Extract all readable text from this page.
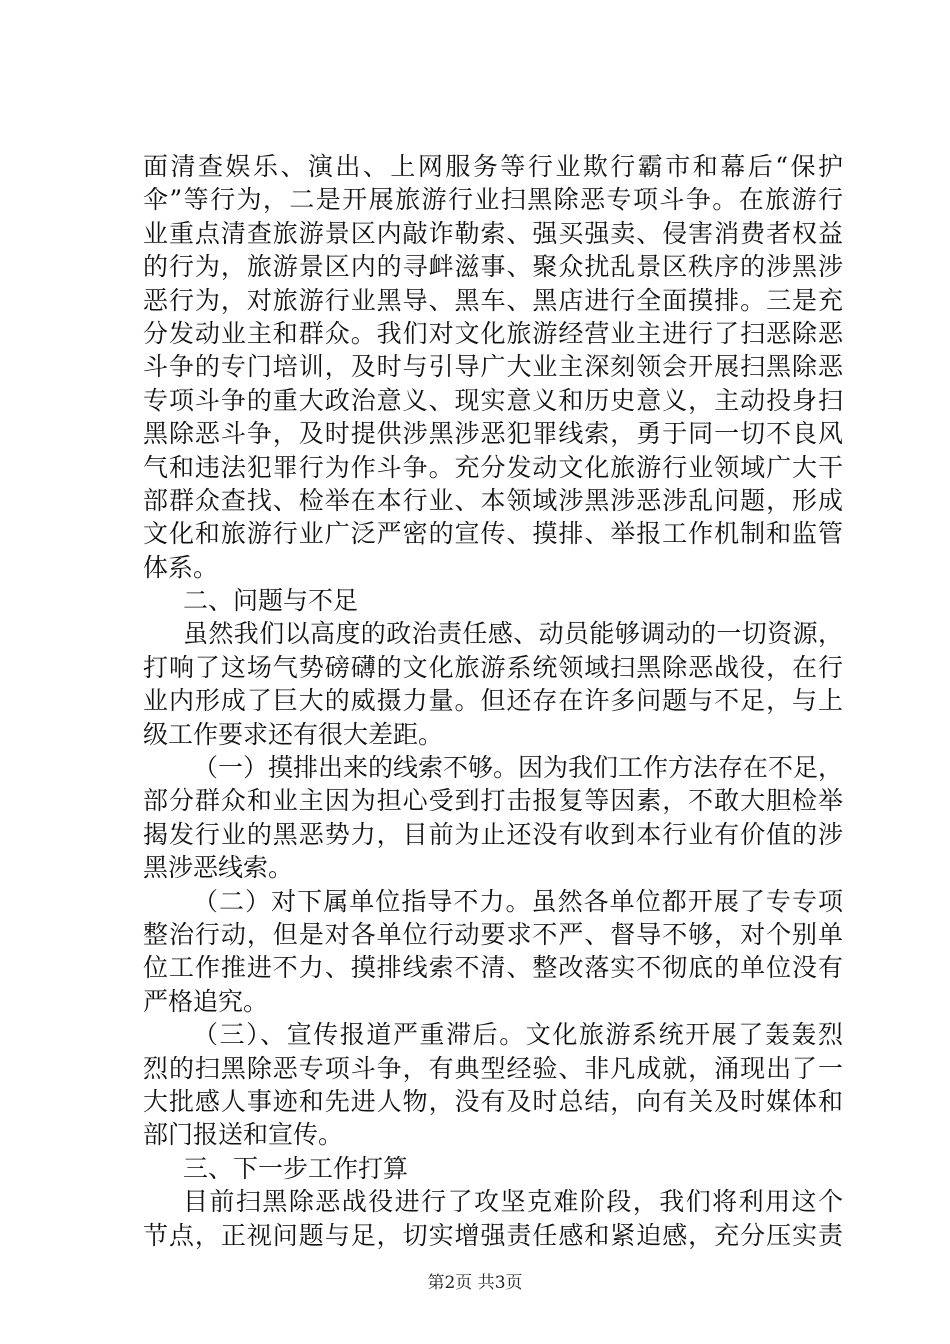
面清查娱乐、演出、上网服务等行业欺行霸市和幕后“保护
伞”等行为，二是开展旅游行业扫黑除恶专项斗争。在旅游行
业重点清查旅游景区内敲诈勒索、强买强卖、侵害消费者权益
的行为，旅游景区内的寻衅滋事、聚众扰乱景区秩序的涉黑涉
恶行为，对旅游行业黑导、黑车、黑店进行全面摸排。三是充
分发动业主和群众。我们对文化旅游经营业主进行了扫恶除恶
斗争的专门培训，及时与引导广大业主深刻领会开展扫黑除恶
专项斗争的重大政治意义、现实意义和历史意义，主动投身扫
黑除恶斗争，及时提供涉黑涉恶犯罪线索，勇于同一切不良风
气和违法犯罪行为作斗争。充分发动文化旅游行业领域广大干
部群众查找、检举在本行业、本领域涉黑涉恶涉乱问题，形成
文化和旅游行业广泛严密的宣传、摸排、举报工作机制和监管
体系。
二、问题与不足
虽然我们以高度的政治责任感、动员能够调动的一切资源，
打响了这场气势磅礴的文化旅游系统领域扫黑除恶战役，在行
业内形成了巨大的威摄力量。但还存在许多问题与不足，与上
级工作要求还有很大差距。
（一）摸排出来的线索不够。因为我们工作方法存在不足，
部分群众和业主因为担心受到打击报复等因素，不敢大胆检举
揭发行业的黑恶势力，目前为止还没有收到本行业有价值的涉
黑涉恶线索。
（二）对下属单位指导不力。虽然各单位都开展了专专项
整治行动，但是对各单位行动要求不严、督导不够，对个别单
位工作推进不力、摸排线索不清、整改落实不彻底的单位没有
严格追究。
（三）、宣传报道严重滞后。文化旅游系统开展了轰轰烈
烈的扫黑除恶专项斗争，有典型经验、非凡成就，涌现出了一
大批感人事迹和先进人物，没有及时总结，向有关及时媒体和
部门报送和宣传。
三、下一步工作打算
目前扫黑除恶战役进行了攻坚克难阶段，我们将利用这个
节点，正视问题与足，切实增强责任感和紧迫感，充分压实责
第2页 共3页
